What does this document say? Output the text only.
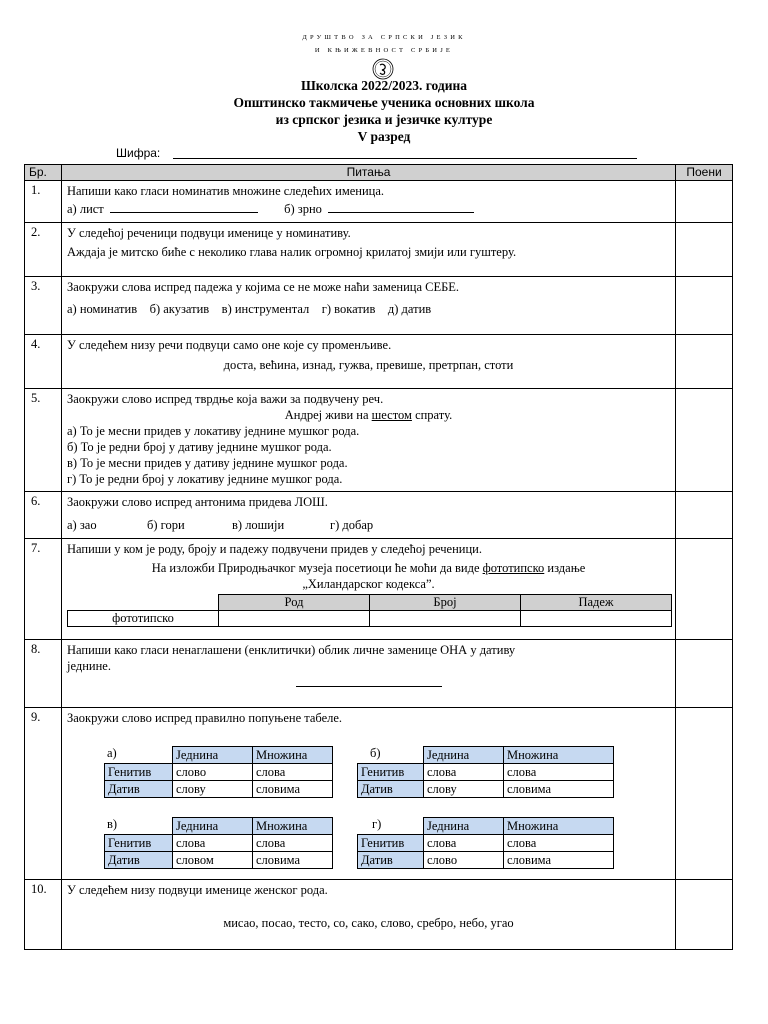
ДРУШТВО ЗА СРПСКИ ЈЕЗИК
И КЊИЖЕВНОСТ СРБИЈЕ
Школска 2022/2023. година
Општинско такмичење ученика основних школа
из српског језика и језичке културе
V разред
Шифра:
Бр.	Питања	Поени
1.	Напиши како гласи номинатив множине следећих именица.
а) лист	б) зрно

2.	У следећој реченици подвуци именице у номинативу.
Аждаја је митско биће с неколико глава налик огромној крилатој змији или гуштеру.

3.	Заокружи слова испред падежа у којима се не може наћи заменица СЕБЕ.
а) номинатив    б) акузатив    в) инструментал    г) вокатив    д) датив

4.	У следећем низу речи подвуци само оне које су променљиве.
доста, већина, изнад, гужва, превише, претрпан, стоти

5.	Заокружи слово испред тврдње која важи за подвучену реч.
Андреј живи на шестом спрату.
а) То је месни придев у локативу једнине мушког рода.
б) То је редни број у дативу једнине мушког рода.
в) То је месни придев у дативу једнине мушког рода.
г) То је редни број у локативу једнине мушког рода.

6.	Заокружи слово испред антонима придева ЛОШ.
а) зао	б) гори	в) лошији	г) добар

7.	Напиши у ком је роду, броју и падежу подвучени придев у следећој реченици.
На изложби Природњачког музеја посетиоци ће моћи да виде фототипско издање
„Хиландарског кодекса”.
	Род	Број	Падеж
фототипско			

8.	Напиши како гласи ненаглашени (енклитички) облик личне заменице ОНА у дативу
једнине.

9.	Заокружи слово испред правилно попуњене табеле.
а)
		Једнина	Множина
Генитив	слово	слова
Датив	слову	словима
б)
		Једнина	Множина
Генитив	слова	слова
Датив	слову	словима
в)
		Једнина	Множина
Генитив	слова	слова
Датив	словом	словима
г)
		Једнина	Множина
Генитив	слова	слова
Датив	слово	словима

10.	У следећем низу подвуци именице женског рода.
мисао, посао, тесто, со, сако, слово, сребро, небо, угао
